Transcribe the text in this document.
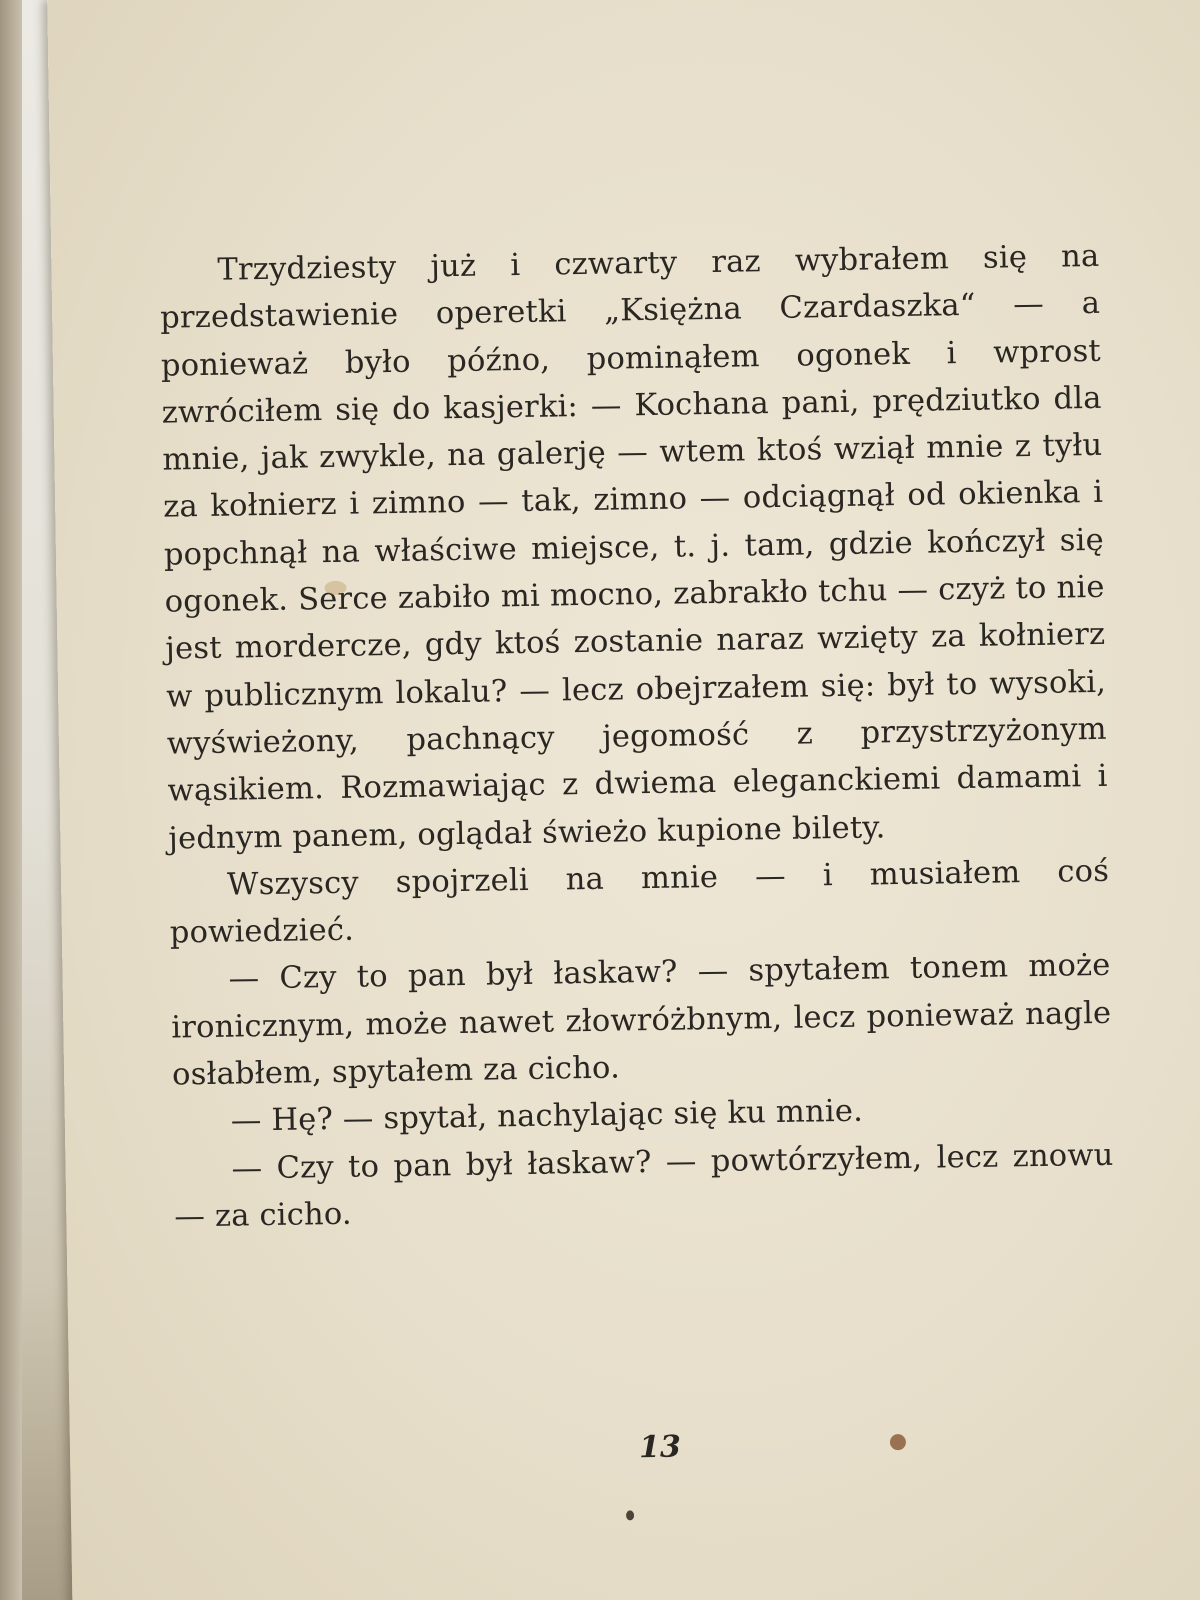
Trzydziesty już i czwarty raz wybrałem się na przedstawienie operetki „Księżna Czardaszka“ — a ponieważ było późno, pominąłem ogonek i wprost zwróciłem się do kasjerki: — Kochana pani, prędziutko dla mnie, jak zwykle, na galerję — wtem ktoś wziął mnie z tyłu za kołnierz i zimno — tak, zimno — odciągnął od okienka i popchnął na właściwe miejsce, t. j. tam, gdzie kończył się ogonek. Serce zabiło mi mocno, zabrakło tchu — czyż to nie jest mordercze, gdy ktoś zostanie naraz wzięty za kołnierz w publicznym lokalu? — lecz obejrzałem się: był to wysoki, wyświeżony, pachnący jegomość z przystrzyżonym wąsikiem. Rozmawiając z dwiema eleganckiemi damami i jednym panem, oglądał świeżo kupione bilety.

Wszyscy spojrzeli na mnie — i musiałem coś powiedzieć.

— Czy to pan był łaskaw? — spytałem tonem może ironicznym, może nawet złowróżbnym, lecz ponieważ nagle osłabłem, spytałem za cicho.

— Hę? — spytał, nachylając się ku mnie.

— Czy to pan był łaskaw? — powtórzyłem, lecz znowu — za cicho.

13
